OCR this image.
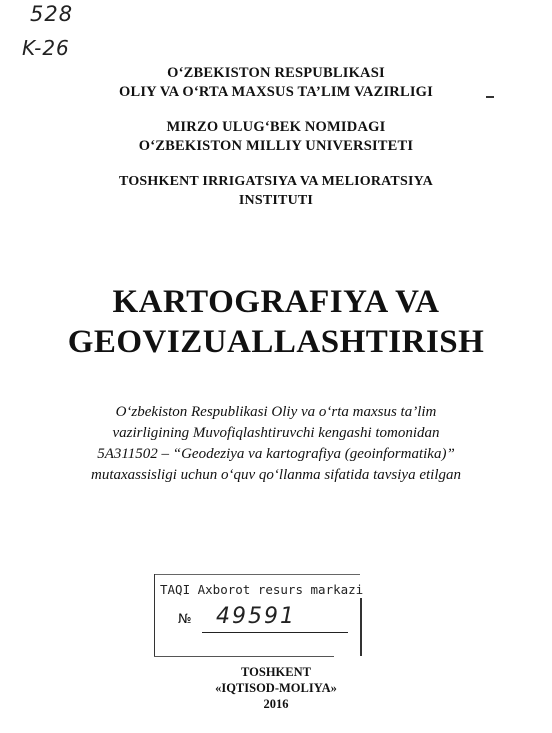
528
K-26
O‘ZBEKISTON RESPUBLIKASI
OLIY VA O‘RTA MAXSUS TA’LIM VAZIRLIGI
MIRZO ULUG‘BEK NOMIDAGI
O‘ZBEKISTON MILLIY UNIVERSITETI
TOSHKENT IRRIGATSIYA VA MELIORATSIYA
INSTITUTI
KARTOGRAFIYA VA
GEOVIZUALLASHTIRISH
O‘zbekiston Respublikasi Oliy va o‘rta maxsus ta’lim
vazirligining Muvofiqlashtiruvchi kengashi tomonidan
5A311502 – “Geodeziya va kartografiya (geoinformatika)”
mutaxassisligi uchun o‘quv qo‘llanma sifatida tavsiya etilgan
TAQI Axborot resurs markazi
№ 49591
TOSHKENT
«IQTISOD-MOLIYA»
2016
